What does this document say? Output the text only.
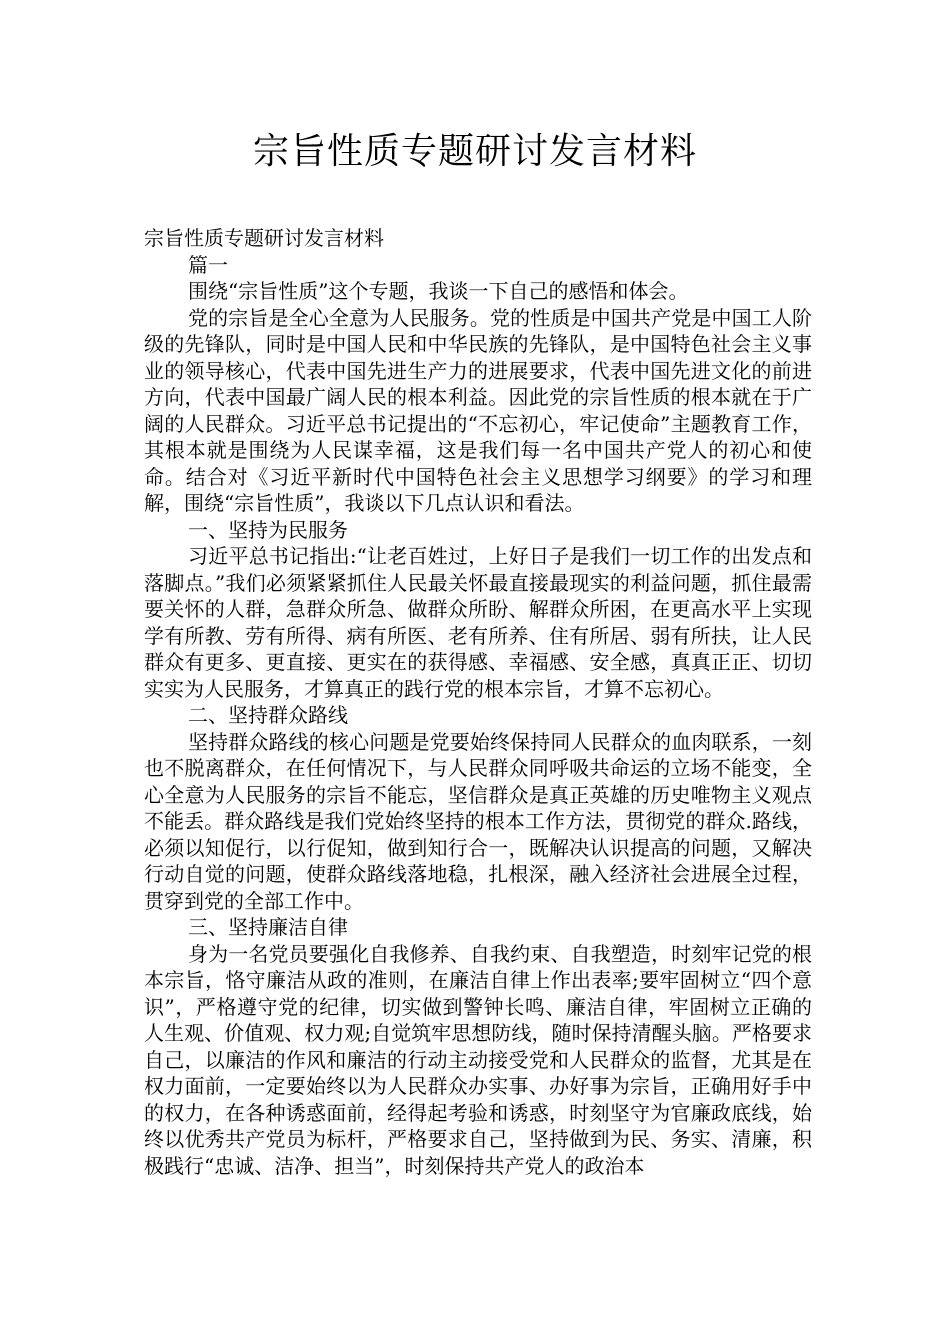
宗旨性质专题研讨发言材料

宗旨性质专题研讨发言材料

篇一

围绕“宗旨性质”这个专题，我谈一下自己的感悟和体会。

党的宗旨是全心全意为人民服务。党的性质是中国共产党是中国工人阶级的先锋队，同时是中国人民和中华民族的先锋队，是中国特色社会主义事业的领导核心，代表中国先进生产力的进展要求，代表中国先进文化的前进方向，代表中国最广阔人民的根本利益。因此党的宗旨性质的根本就在于广阔的人民群众。习近平总书记提出的“不忘初心，牢记使命”主题教育工作，其根本就是围绕为人民谋幸福，这是我们每一名中国共产党人的初心和使命。结合对《习近平新时代中国特色社会主义思想学习纲要》的学习和理解，围绕“宗旨性质”，我谈以下几点认识和看法。

一、坚持为民服务

习近平总书记指出:“让老百姓过，上好日子是我们一切工作的出发点和落脚点。”我们必须紧紧抓住人民最关怀最直接最现实的利益问题，抓住最需要关怀的人群，急群众所急、做群众所盼、解群众所困，在更高水平上实现学有所教、劳有所得、病有所医、老有所养、住有所居、弱有所扶，让人民群众有更多、更直接、更实在的获得感、幸福感、安全感，真真正正、切切实实为人民服务，才算真正的践行党的根本宗旨，才算不忘初心。

二、坚持群众路线

坚持群众路线的核心问题是党要始终保持同人民群众的血肉联系，一刻也不脱离群众，在任何情况下，与人民群众同呼吸共命运的立场不能变，全心全意为人民服务的宗旨不能忘，坚信群众是真正英雄的历史唯物主义观点不能丢。群众路线是我们党始终坚持的根本工作方法，贯彻党的群众.路线，必须以知促行，以行促知，做到知行合一，既解决认识提高的问题，又解决行动自觉的问题，使群众路线落地稳，扎根深，融入经济社会进展全过程，贯穿到党的全部工作中。

三、坚持廉洁自律

身为一名党员要强化自我修养、自我约束、自我塑造，时刻牢记党的根本宗旨，恪守廉洁从政的准则，在廉洁自律上作出表率;要牢固树立“四个意识”，严格遵守党的纪律，切实做到警钟长鸣、廉洁自律，牢固树立正确的人生观、价值观、权力观;自觉筑牢思想防线，随时保持清醒头脑。严格要求自己，以廉洁的作风和廉洁的行动主动接受党和人民群众的监督，尤其是在权力面前，一定要始终以为人民群众办实事、办好事为宗旨，正确用好手中的权力，在各种诱惑面前，经得起考验和诱惑，时刻坚守为官廉政底线，始终以优秀共产党员为标杆，严格要求自己，坚持做到为民、务实、清廉，积极践行“忠诚、洁净、担当”，时刻保持共产党人的政治本
